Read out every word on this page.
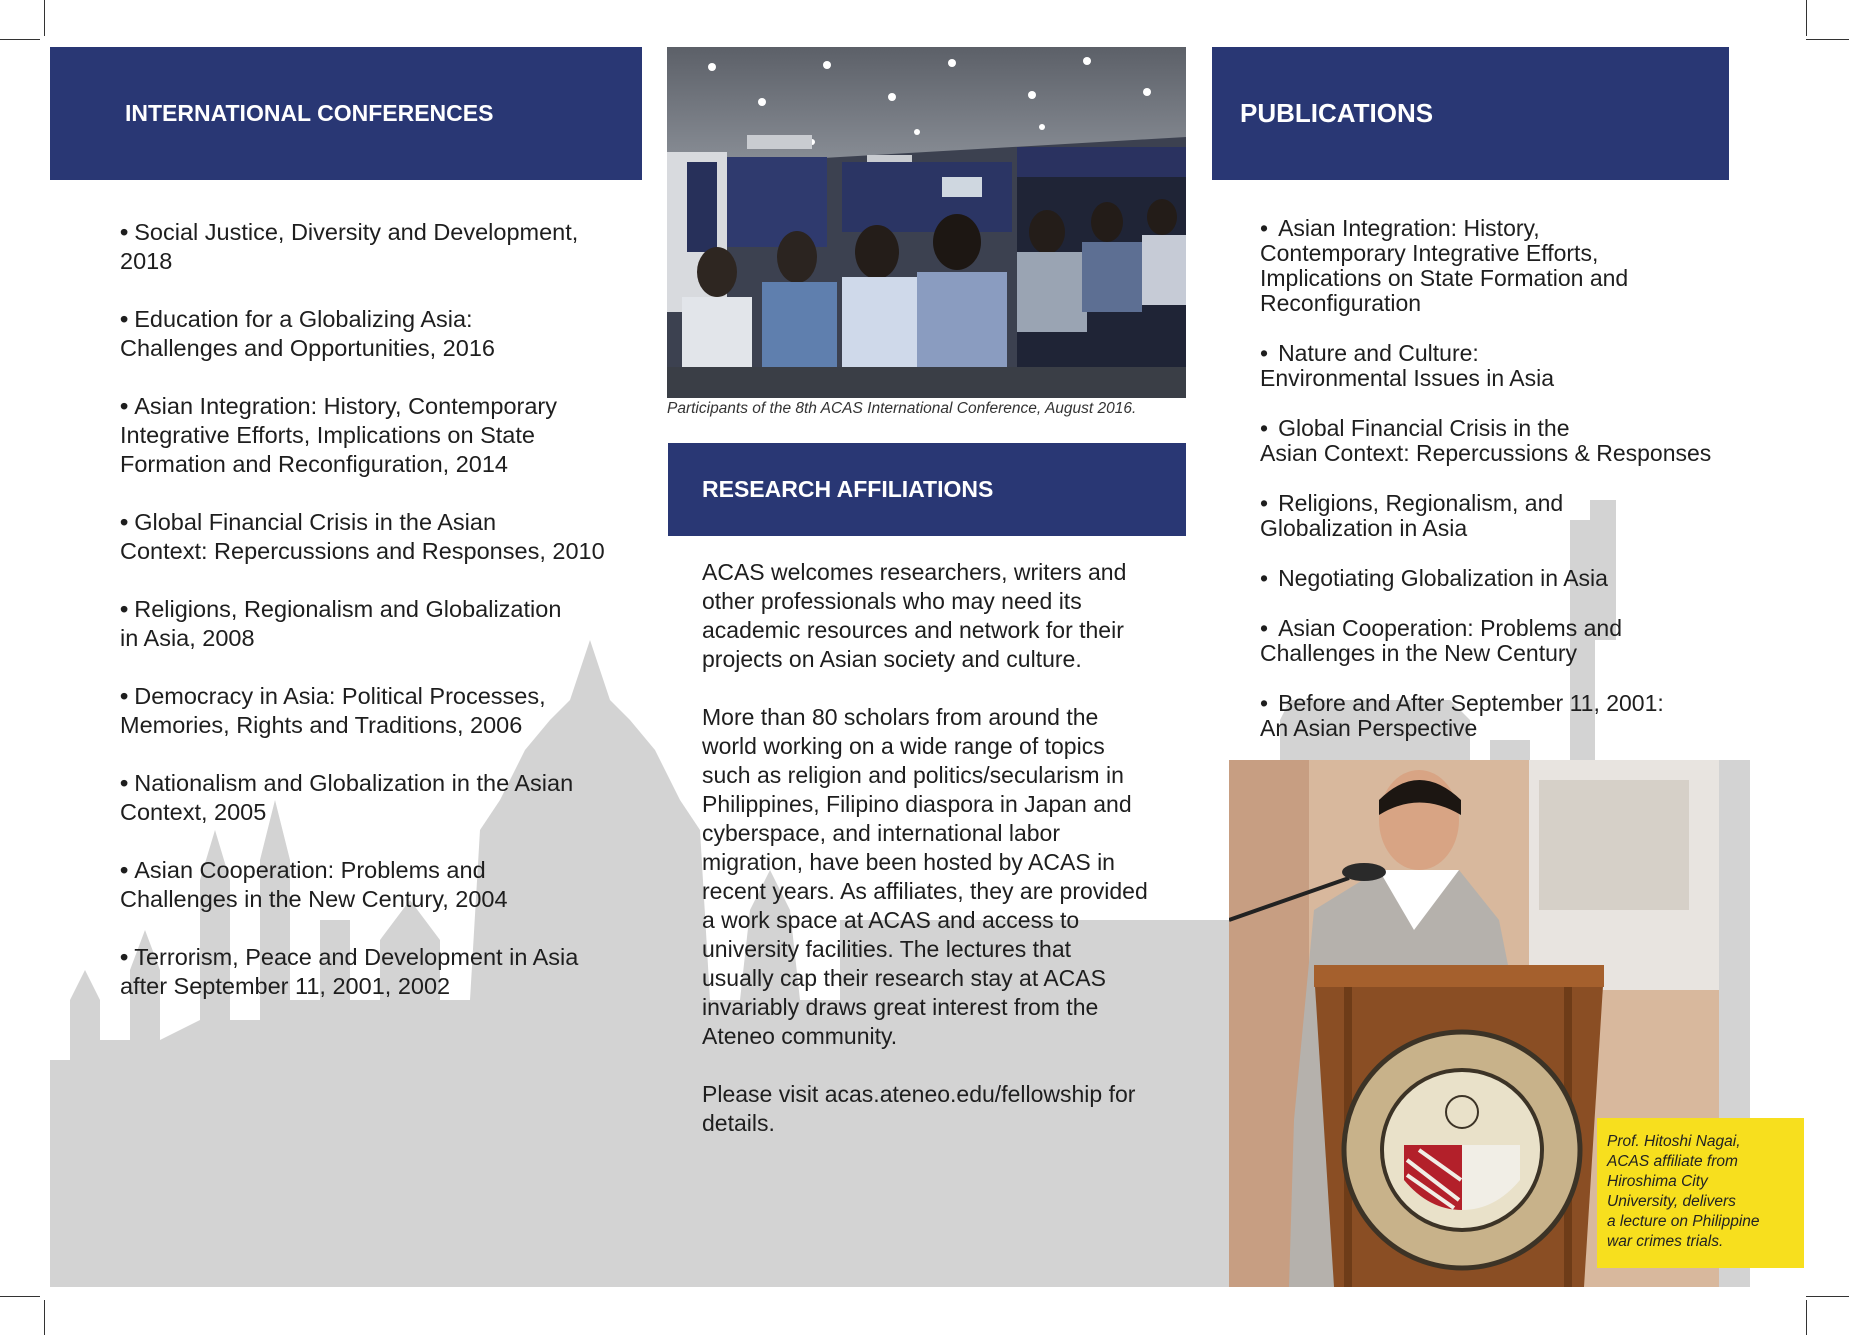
INTERNATIONAL CONFERENCES
RESEARCH AFFILIATIONS
PUBLICATIONS
Participants of the 8th ACAS International Conference, August 2016.
• Social Justice, Diversity and Development,
2018
• Education for a Globalizing Asia:
Challenges and Opportunities, 2016
• Asian Integration: History, Contemporary
Integrative Efforts, Implications on State
Formation and Reconfiguration, 2014
• Global Financial Crisis in the Asian
Context: Repercussions and Responses, 2010
• Religions, Regionalism and Globalization
in Asia, 2008
• Democracy in Asia: Political Processes,
Memories, Rights and Traditions, 2006
• Nationalism and Globalization in the Asian
Context, 2005
• Asian Cooperation: Problems and
Challenges in the New Century, 2004
• Terrorism, Peace and Development in Asia
after September 11, 2001, 2002

ACAS welcomes researchers, writers and
other professionals who may need its
academic resources and network for their
projects on Asian society and culture.

More than 80 scholars from around the
world working on a wide range of topics
such as religion and politics/secularism in
Philippines, Filipino diaspora in Japan and
cyberspace, and international labor
migration, have been hosted by ACAS in
recent years. As affiliates, they are provided
a work space at ACAS and access to
university facilities. The lectures that
usually cap their research stay at ACAS
invariably draws great interest from the
Ateneo community.

Please visit acas.ateneo.edu/fellowship for
details.

• Asian Integration: History,
Contemporary Integrative Efforts,
Implications on State Formation and
Reconfiguration
• Nature and Culture:
Environmental Issues in Asia
• Global Financial Crisis in the
Asian Context: Repercussions & Responses
• Religions, Regionalism, and
Globalization in Asia
• Negotiating Globalization in Asia
• Asian Cooperation: Problems and
Challenges in the New Century
• Before and After September 11, 2001:
An Asian Perspective
Prof. Hitoshi Nagai,
ACAS affiliate from
Hiroshima City
University, delivers
a lecture on Philippine
war crimes trials.
